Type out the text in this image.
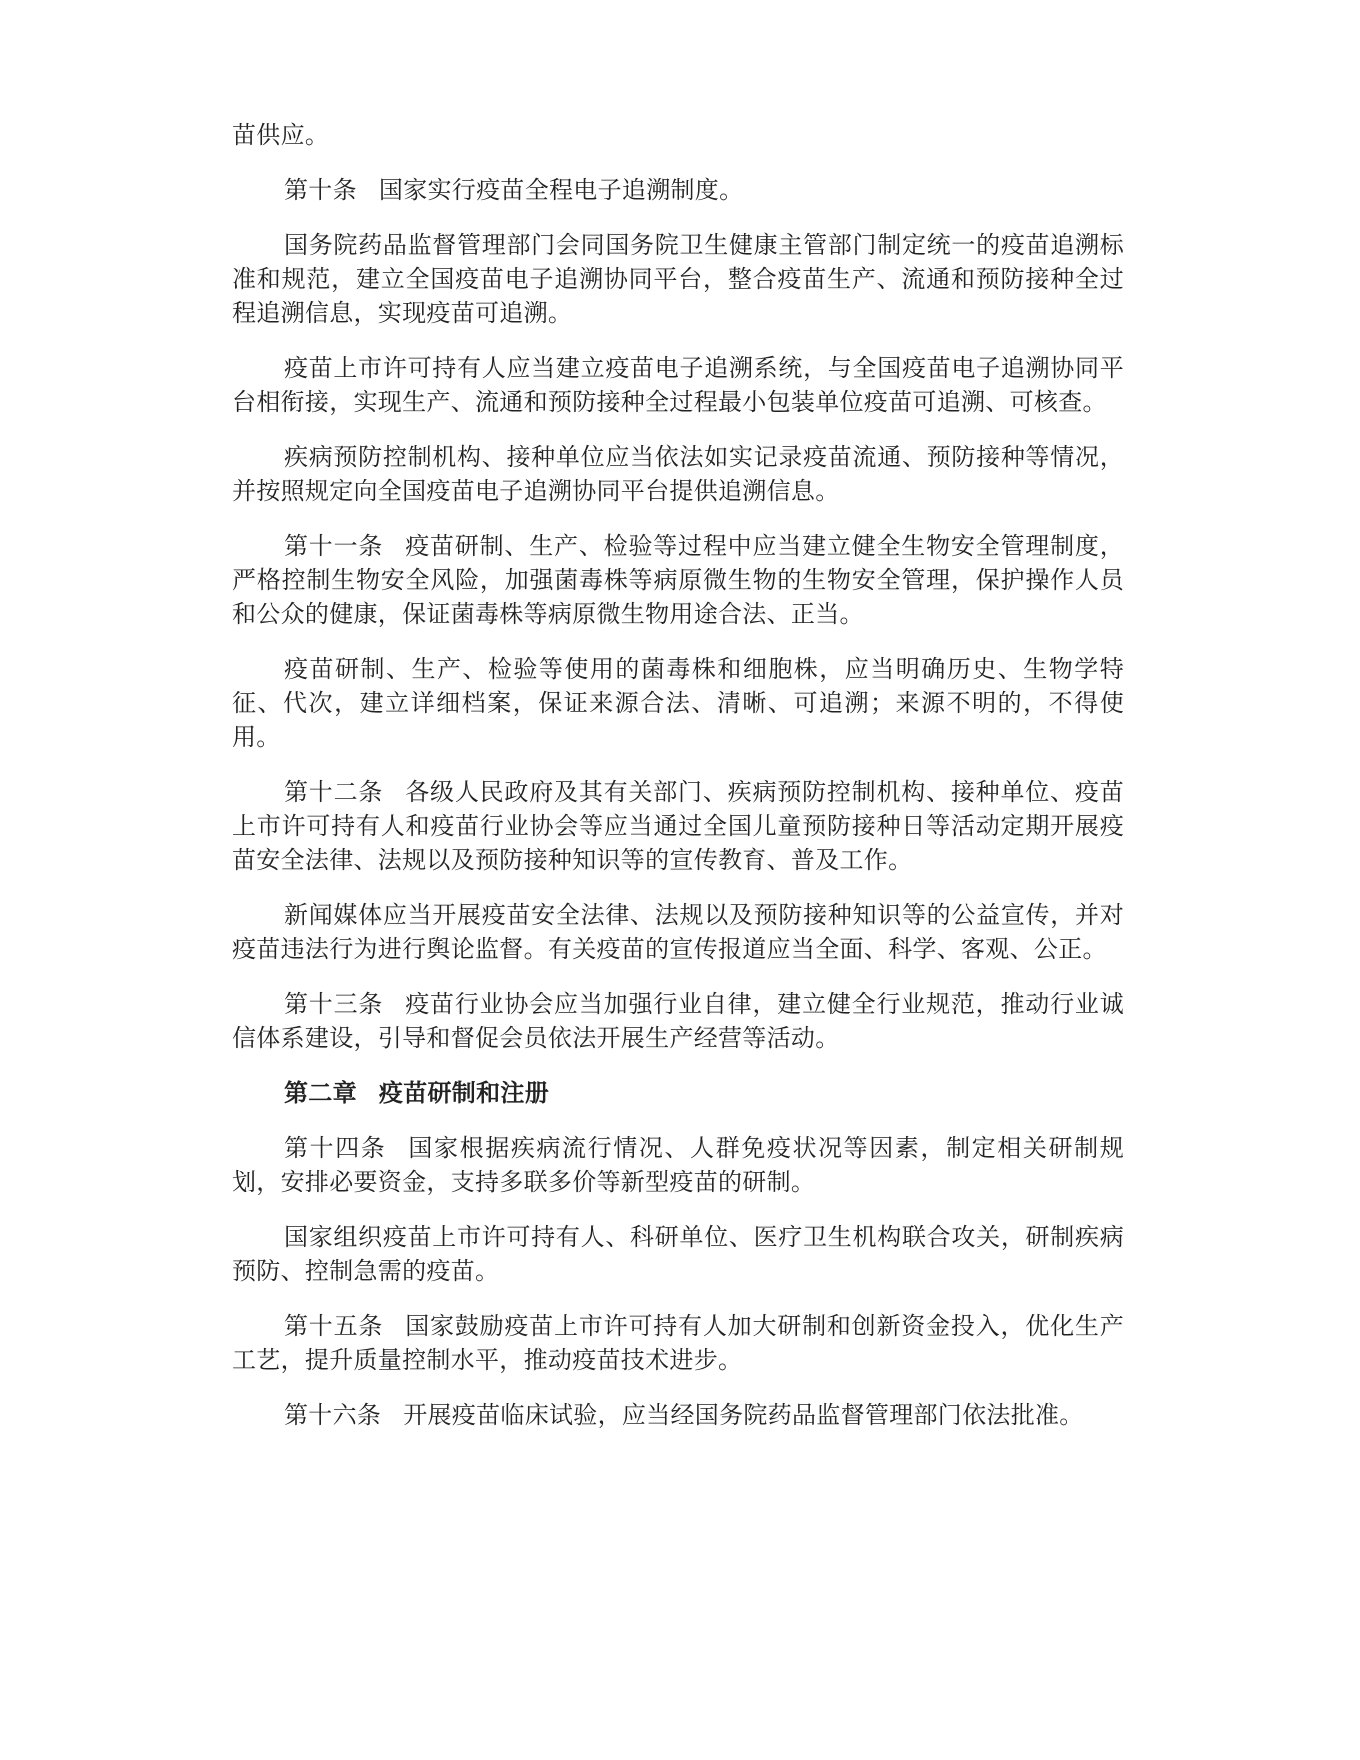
苗供应。

第十条 国家实行疫苗全程电子追溯制度。

国务院药品监督管理部门会同国务院卫生健康主管部门制定统一的疫苗追溯标准和规范，建立全国疫苗电子追溯协同平台，整合疫苗生产、流通和预防接种全过程追溯信息，实现疫苗可追溯。

疫苗上市许可持有人应当建立疫苗电子追溯系统，与全国疫苗电子追溯协同平台相衔接，实现生产、流通和预防接种全过程最小包装单位疫苗可追溯、可核查。

疾病预防控制机构、接种单位应当依法如实记录疫苗流通、预防接种等情况，并按照规定向全国疫苗电子追溯协同平台提供追溯信息。

第十一条 疫苗研制、生产、检验等过程中应当建立健全生物安全管理制度，严格控制生物安全风险，加强菌毒株等病原微生物的生物安全管理，保护操作人员和公众的健康，保证菌毒株等病原微生物用途合法、正当。

疫苗研制、生产、检验等使用的菌毒株和细胞株，应当明确历史、生物学特征、代次，建立详细档案，保证来源合法、清晰、可追溯；来源不明的，不得使用。

第十二条 各级人民政府及其有关部门、疾病预防控制机构、接种单位、疫苗上市许可持有人和疫苗行业协会等应当通过全国儿童预防接种日等活动定期开展疫苗安全法律、法规以及预防接种知识等的宣传教育、普及工作。

新闻媒体应当开展疫苗安全法律、法规以及预防接种知识等的公益宣传，并对疫苗违法行为进行舆论监督。有关疫苗的宣传报道应当全面、科学、客观、公正。

第十三条 疫苗行业协会应当加强行业自律，建立健全行业规范，推动行业诚信体系建设，引导和督促会员依法开展生产经营等活动。

第二章 疫苗研制和注册

第十四条 国家根据疾病流行情况、人群免疫状况等因素，制定相关研制规划，安排必要资金，支持多联多价等新型疫苗的研制。

国家组织疫苗上市许可持有人、科研单位、医疗卫生机构联合攻关，研制疾病预防、控制急需的疫苗。

第十五条 国家鼓励疫苗上市许可持有人加大研制和创新资金投入，优化生产工艺，提升质量控制水平，推动疫苗技术进步。

第十六条 开展疫苗临床试验，应当经国务院药品监督管理部门依法批准。
